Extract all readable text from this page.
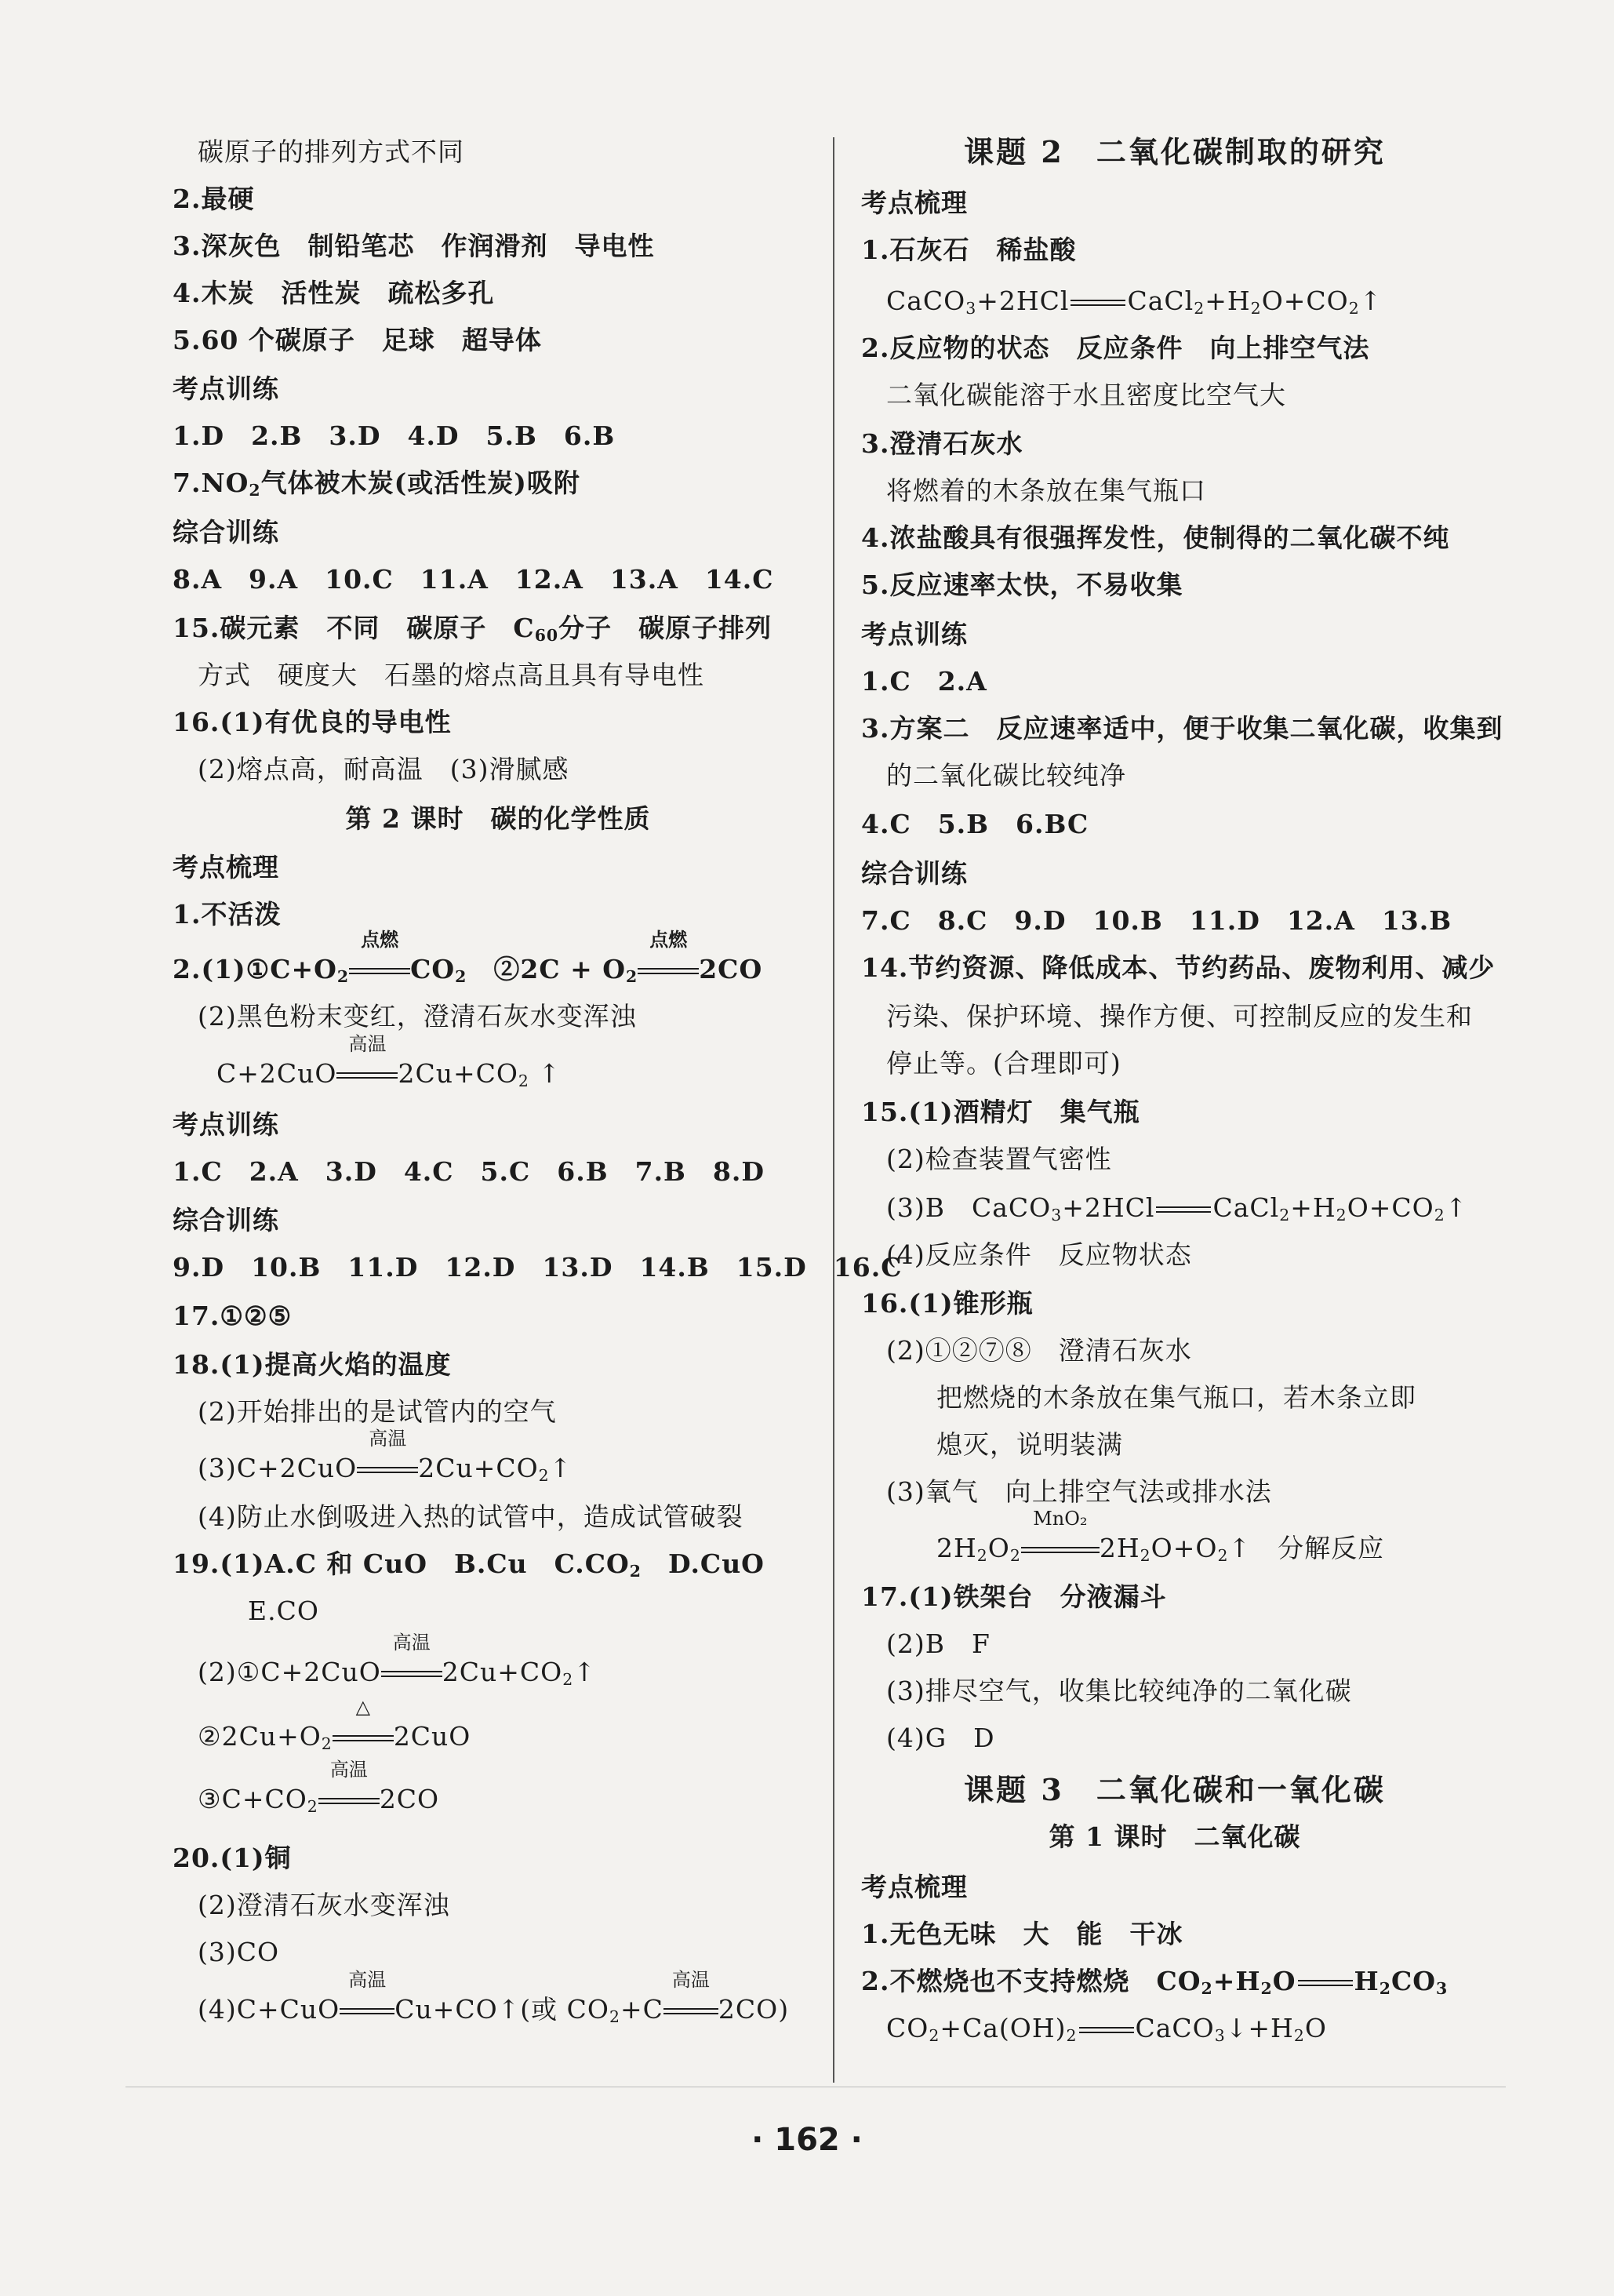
碳原子的排列方式不同
2.最硬
3.深灰色　制铅笔芯　作润滑剂　导电性
4.木炭　活性炭　疏松多孔
5.60 个碳原子　足球　超导体
考点训练
1.D　2.B　3.D　4.D　5.B　6.B
$7.NO_2$气体被木炭(或活性炭)吸附
综合训练
8.A　9.A　10.C　11.A　12.A　13.A　14.C
15.碳元素　不同　碳原子　$C_{60}$分子　碳原子排列
方式　硬度大　石墨的熔点高且具有导电性
16.(1)有优良的导电性
(2)熔点高，耐高温　(3)滑腻感
第 2 课时　碳的化学性质
考点梳理
1.不活泼
$2.(1)①C+O_2$
点燃
$CO_2$　 ②2C + $O_2$
点燃
2CO
(2)黑色粉末变红，澄清石灰水变浑浊
C+2CuO
高温
$2Cu+CO_2$ ↑
考点训练
1.C　2.A　3.D　4.C　5.C　6.B　7.B　8.D
综合训练
9.D　10.B　11.D　12.D　13.D　14.B　15.D　16.C
17.①②⑤
18.(1)提高火焰的温度
(2)开始排出的是试管内的空气
(3)C+2CuO
高温
$2Cu+CO_2↑$
(4)防止水倒吸进入热的试管中，造成试管破裂
19.(1)A.C 和 CuO　B.Cu　$C.CO_2$　D.CuO
E.CO
(2)①C+2CuO
高温
$2Cu+CO_2↑$
$②2Cu+O_2$
△
2CuO
$③C+CO_2$
高温
2CO
20.(1)铜
(2)澄清石灰水变浑浊
(3)CO
(4)C+CuO
高温
Cu+CO↑(或 $CO_2+C$
高温
2CO)
课题 2　二氧化碳制取的研究
考点梳理
1.石灰石　稀盐酸
CaCO$_3$+2HCl $CaCl_2+H_2O+CO_2↑$
2.反应物的状态　反应条件　向上排空气法
二氧化碳能溶于水且密度比空气大
3.澄清石灰水
将燃着的木条放在集气瓶口
4.浓盐酸具有很强挥发性，使制得的二氧化碳不纯
5.反应速率太快，不易收集
考点训练
1.C　2.A
3.方案二　反应速率适中，便于收集二氧化碳，收集到
的二氧化碳比较纯净
4.C　5.B　6.BC
综合训练
7.C　8.C　9.D　10.B　11.D　12.A　13.B
14.节约资源、降低成本、节约药品、废物利用、减少
污染、保护环境、操作方便、可控制反应的发生和
停止等。(合理即可)
15.(1)酒精灯　集气瓶
(2)检查装置气密性
(3)B　CaCO$_3$+2HCl $CaCl_2+H_2O+CO_2↑$
(4)反应条件　反应物状态
16.(1)锥形瓶
(2)①②⑦⑧　澄清石灰水
把燃烧的木条放在集气瓶口，若木条立即
熄灭，说明装满
(3)氧气　向上排空气法或排水法
$2H_2O_2$
MnO₂
$2H_2O+O_2↑$　分解反应
17.(1)铁架台　分液漏斗
(2)B　F
(3)排尽空气，收集比较纯净的二氧化碳
(4)G　D
课题 3　二氧化碳和一氧化碳
第 1 课时　二氧化碳
考点梳理
1.无色无味　大　能　干冰
2.不燃烧也不支持燃烧　$CO_2+H_2O$ $H_2CO_3$
$CO_2+Ca(OH)_2$ $CaCO_3↓+H_2O$
· 162 ·
